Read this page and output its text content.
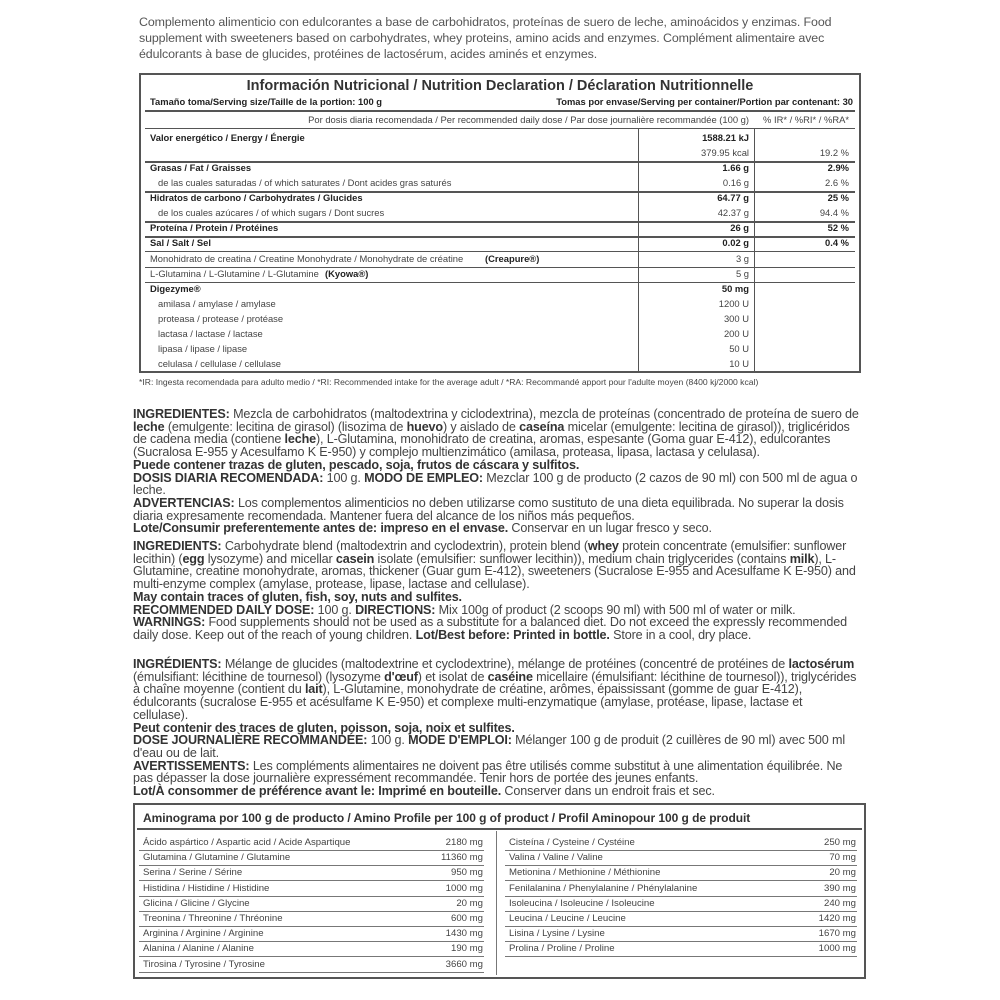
Complemento alimenticio con edulcorantes a base de carbohidratos, proteínas de suero de leche, aminoácidos y enzimas. Food supplement with sweeteners based on carbohydrates, whey proteins, amino acids and enzymes. Complément alimentaire avec édulcorants à base de glucides, protéines de lactosérum, acides aminés et enzymes.
Información Nutricional / Nutrition Declaration / Déclaration Nutritionnelle
Tamaño toma/Serving size/Taille de la portion: 100 g	Tomas por envase/Serving per container/Portion par contenant: 30
Por dosis diaria recomendada / Per recommended daily dose / Par dose journalière recommandée (100 g) % IR* / %RI* / %RA*
Valor energético / Energy / Énergie	1588.21 kJ
379.95 kcal	19.2 %
Grasas / Fat / Graisses	1.66 g	2.9%
de las cuales saturadas / of which saturates / Dont acides gras saturés	0.16 g	2.6 %
Hidratos de carbono / Carbohydrates / Glucides	64.77 g	25 %
de los cuales azúcares / of which sugars / Dont sucres	42.37 g	94.4 %
Proteína / Protein / Protéines	26 g	52 %
Sal / Salt / Sel	0.02 g	0.4 %
Monohidrato de creatina / Creatine Monohydrate / Monohydrate de créatine (Creapure®)	3 g
L-Glutamina / L-Glutamine / L-Glutamine (Kyowa®)	5 g
Digezyme®	50 mg
amilasa / amylase / amylase	1200 U
proteasa / protease / protéase	300 U
lactasa / lactase / lactase	200 U
lipasa / lipase / lipase	50 U
celulasa / cellulase / cellulase	10 U
*IR: Ingesta recomendada para adulto medio / *RI: Recommended intake for the average adult / *RA: Recommandé apport pour l'adulte moyen (8400 kj/2000 kcal)

INGREDIENTES: Mezcla de carbohidratos (maltodextrina y ciclodextrina), mezcla de proteínas (concentrado de proteína de suero de leche (emulgente: lecitina de girasol) (lisozima de huevo) y aislado de caseína micelar (emulgente: lecitina de girasol)), triglicéridos de cadena media (contiene leche), L-Glutamina, monohidrato de creatina, aromas, espesante (Goma guar E-412), edulcorantes (Sucralosa E-955 y Acesulfamo K E-950) y complejo multienzimático (amilasa, proteasa, lipasa, lactasa y celulasa).

Puede contener trazas de gluten, pescado, soja, frutos de cáscara y sulfitos.

DOSIS DIARIA RECOMENDADA: 100 g. MODO DE EMPLEO: Mezclar 100 g de producto (2 cazos de 90 ml) con 500 ml de agua o leche.

ADVERTENCIAS: Los complementos alimenticios no deben utilizarse como sustituto de una dieta equilibrada. No superar la dosis diaria expresamente recomendada. Mantener fuera del alcance de los niños más pequeños.

Lote/Consumir preferentemente antes de: impreso en el envase. Conservar en un lugar fresco y seco.

INGREDIENTS: Carbohydrate blend (maltodextrin and cyclodextrin), protein blend (whey protein concentrate (emulsifier: sunflower lecithin) (egg lysozyme) and micellar casein isolate (emulsifier: sunflower lecithin)), medium chain triglycerides (contains milk), L-Glutamine, creatine monohydrate, aromas, thickener (Guar gum E-412), sweeteners (Sucralose E-955 and Acesulfame K E-950) and multi-enzyme complex (amylase, protease, lipase, lactase and cellulase).

May contain traces of gluten, fish, soy, nuts and sulfites.

RECOMMENDED DAILY DOSE: 100 g. DIRECTIONS: Mix 100g of product (2 scoops 90 ml) with 500 ml of water or milk.

WARNINGS: Food supplements should not be used as a substitute for a balanced diet. Do not exceed the expressly recommended daily dose. Keep out of the reach of young children. Lot/Best before: Printed in bottle. Store in a cool, dry place.

INGRÉDIENTS: Mélange de glucides (maltodextrine et cyclodextrine), mélange de protéines (concentré de protéines de lactosérum (émulsifiant: lécithine de tournesol) (lysozyme d'œuf) et isolat de caséine micellaire (émulsifiant: lécithine de tournesol)), triglycérides à chaîne moyenne (contient du lait), L-Glutamine, monohydrate de créatine, arômes, épaississant (gomme de guar E-412), édulcorants (sucralose E-955 et acésulfame K E-950) et complexe multi-enzymatique (amylase, protéase, lipase, lactase et cellulase).

Peut contenir des traces de gluten, poisson, soja, noix et sulfites.

DOSE JOURNALIÈRE RECOMMANDÉE: 100 g. MODE D'EMPLOI: Mélanger 100 g de produit (2 cuillères de 90 ml) avec 500 ml d'eau ou de lait.

AVERTISSEMENTS: Les compléments alimentaires ne doivent pas être utilisés comme substitut à une alimentation équilibrée. Ne pas dépasser la dose journalière expressément recommandée. Tenir hors de portée des jeunes enfants.

Lot/À consommer de préférence avant le: Imprimé en bouteille. Conserver dans un endroit frais et sec.

Aminograma por 100 g de producto / Amino Profile per 100 g of product / Profil Aminopour 100 g de produit
Ácido aspártico / Aspartic acid / Acide Aspartique	2180 mg
Glutamina / Glutamine / Glutamine	11360 mg
Serina / Serine / Sérine	950 mg
Histidina / Histidine / Histidine	1000 mg
Glicina / Glicine / Glycine	20 mg
Treonina / Threonine / Thréonine	600 mg
Arginina / Arginine / Arginine	1430 mg
Alanina / Alanine / Alanine	190 mg
Tirosina / Tyrosine / Tyrosine	3660 mg
Cisteína / Cysteine / Cystéine	250 mg
Valina / Valine / Valine	70 mg
Metionina / Methionine / Méthionine	20 mg
Fenilalanina / Phenylalanine / Phénylalanine	390 mg
Isoleucina / Isoleucine / Isoleucine	240 mg
Leucina / Leucine / Leucine	1420 mg
Lisina / Lysine / Lysine	1670 mg
Prolina / Proline / Proline	1000 mg
